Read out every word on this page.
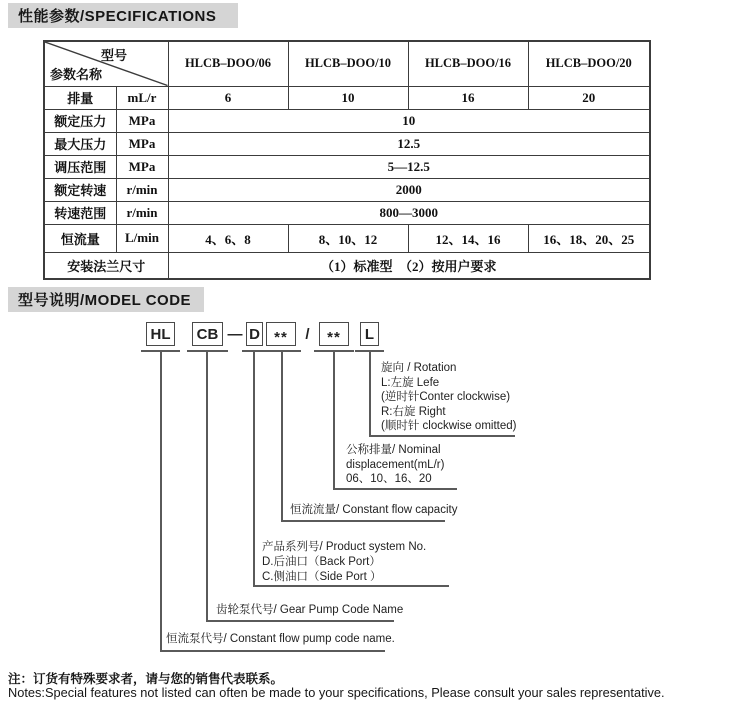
性能参数/SPECIFICATIONS
型号
参数名称		HLCB–DOO/06	HLCB–DOO/10	HLCB–DOO/16	HLCB–DOO/20
排量	mL/r	6	10	16	20
额定压力	MPa	10			
最大压力	MPa	12.5			
调压范围	MPa	5—12.5			
额定转速	r/min	2000			
转速范围	r/min	800—3000			
恒流量	L/min	4、6、8	8、10、12	12、14、16	16、18、20、25
安装法兰尺寸		（1）标准型　（2）按用户要求			
型号说明/MODEL CODE
HL	CB — D **	/	**	L
旋向 / Rotation
L:左旋 Lefe
(逆时针Conter clockwise)
R:右旋 Right
(顺时针 clockwise omitted)
公称排量/ Nominal
displacement(mL/r)
06、10、16、20
恒流流量/ Constant flow capacity
产品系列号/ Product system No.
D.后油口（Back Port）
C.侧油口（Side Port ）
齿轮泵代号/ Gear Pump Code Name
恒流泵代号/ Constant flow pump code name.
注：订货有特殊要求者，请与您的销售代表联系。
Notes:Special features not listed can often be made to your specifications, Please consult your sales representative.
